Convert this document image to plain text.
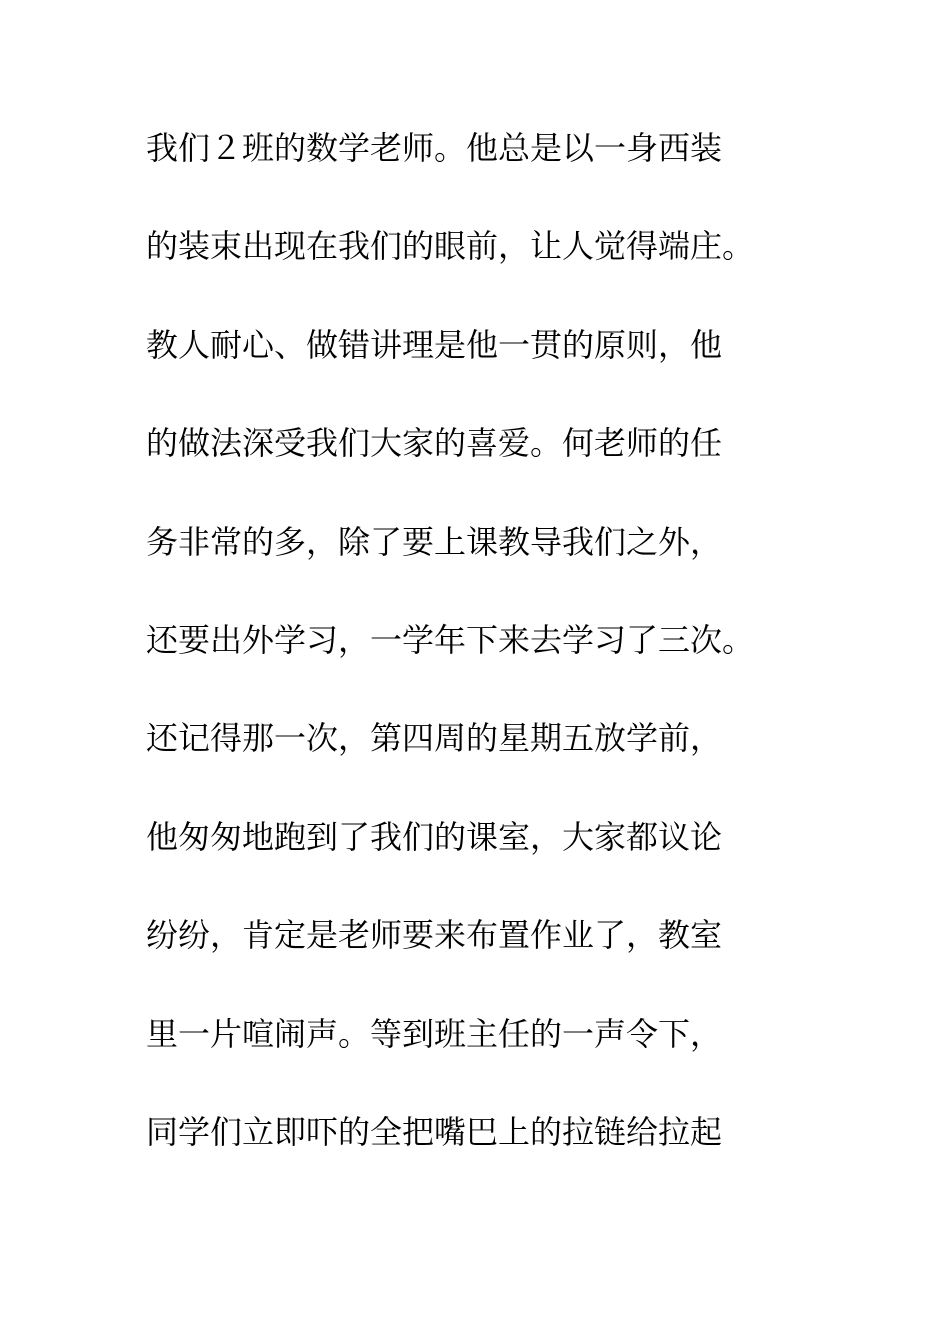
我们２班的数学老师。他总是以一身西装

的装束出现在我们的眼前，让人觉得端庄。

教人耐心、做错讲理是他一贯的原则，他

的做法深受我们大家的喜爱。何老师的任

务非常的多，除了要上课教导我们之外，

还要出外学习，一学年下来去学习了三次。

还记得那一次，第四周的星期五放学前，

他匆匆地跑到了我们的课室，大家都议论

纷纷，肯定是老师要来布置作业了，教室

里一片喧闹声。等到班主任的一声令下，

同学们立即吓的全把嘴巴上的拉链给拉起
